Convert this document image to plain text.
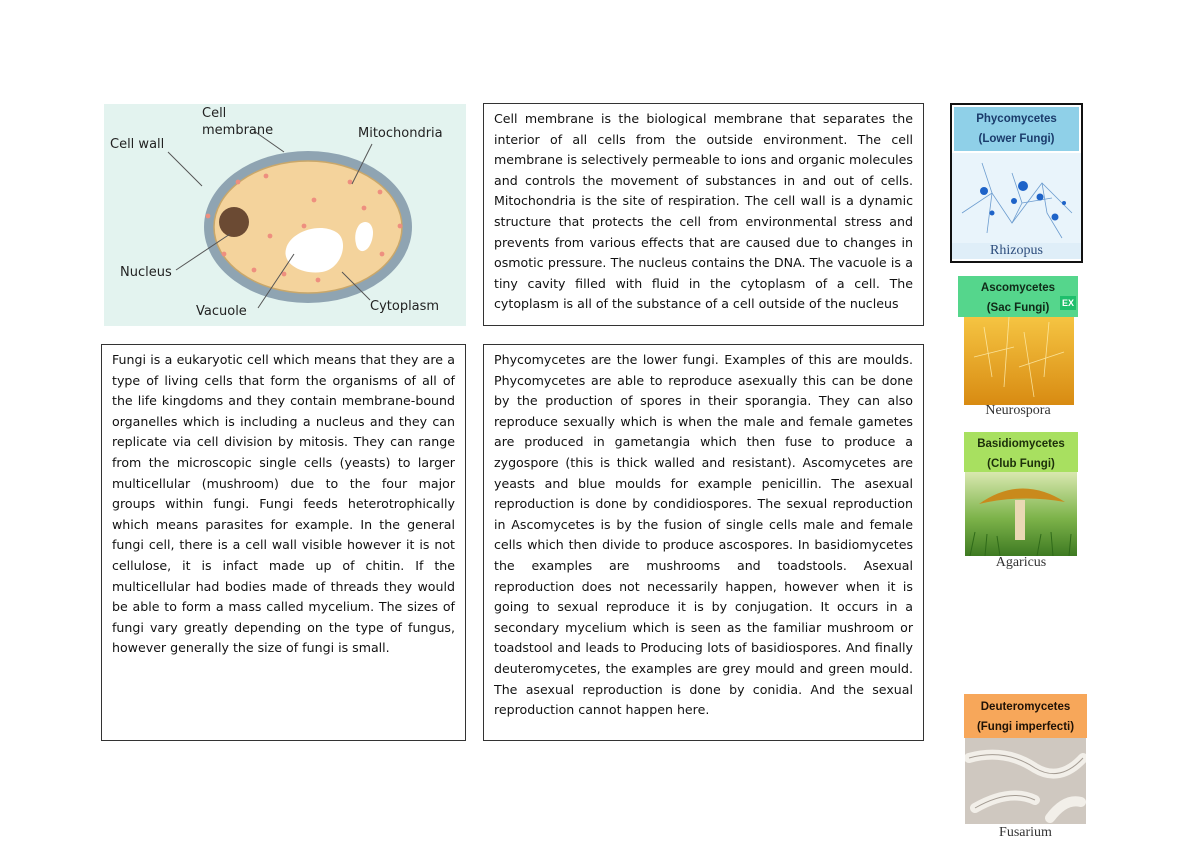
Cell
membrane
Cell wall
Mitochondria
Nucleus
Vacuole	Cytoplasm

Cell membrane is the biological membrane that separates the interior of all cells from the outside environment. The cell membrane is selectively permeable to ions and organic molecules and controls the movement of substances in and out of cells. Mitochondria is the site of respiration. The cell wall is a dynamic structure that protects the cell from environmental stress and prevents from various effects that are caused due to changes in osmotic pressure. The nucleus contains the DNA. The vacuole is a tiny cavity filled with fluid in the cytoplasm of a cell. The cytoplasm is all of the substance of a cell outside of the nucleus

Fungi is a eukaryotic cell which means that they are a type of living cells that form the organisms of all of the life kingdoms and they contain membrane-bound organelles which is including a nucleus and they can replicate via cell division by mitosis. They can range from the microscopic single cells (yeasts) to larger multicellular (mushroom) due to the four major groups within fungi. Fungi feeds heterotrophically which means parasites for example. In the general fungi cell, there is a cell wall visible however it is not cellulose, it is infact made up of chitin. If the multicellular had bodies made of threads they would be able to form a mass called mycelium. The sizes of fungi vary greatly depending on the type of fungus, however generally the size of fungi is small.

Phycomycetes are the lower fungi. Examples of this are moulds. Phycomycetes are able to reproduce asexually this can be done by the production of spores in their sporangia. They can also reproduce sexually which is when the male and female gametes are produced in gametangia which then fuse to produce a zygospore (this is thick walled and resistant). Ascomycetes are yeasts and blue moulds for example penicillin. The asexual reproduction is done by condidiospores. The sexual reproduction in Ascomycetes is by the fusion of single cells male and female cells which then divide to produce ascospores. In basidiomycetes the examples are mushrooms and toadstools. Asexual reproduction does not necessarily happen, however when it is going to sexual reproduce it is by conjugation. It occurs in a secondary mycelium which is seen as the familiar mushroom or toadstool and leads to Producing lots of basidiospores. And finally deuteromycetes, the examples are grey mould and green mould. The asexual reproduction is done by conidia. And the sexual reproduction cannot happen here.

Phycomycetes
(Lower Fungi)
Rhizopus
Ascomycetes
(Sac Fungi)	EX
Neurospora
Basidiomycetes
(Club Fungi)
Agaricus
Deuteromycetes
(Fungi imperfecti)
Fusarium
